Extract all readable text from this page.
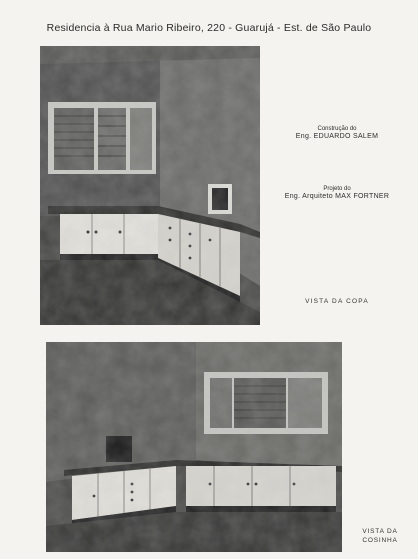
Residencia à Rua Mario Ribeiro, 220 - Guarujá - Est. de São Paulo
Construção do
Eng. EDUARDO SALEM
Projeto do
Eng. Arquiteto MAX FORTNER
VISTA DA COPA
VISTA DA
COSINHA
